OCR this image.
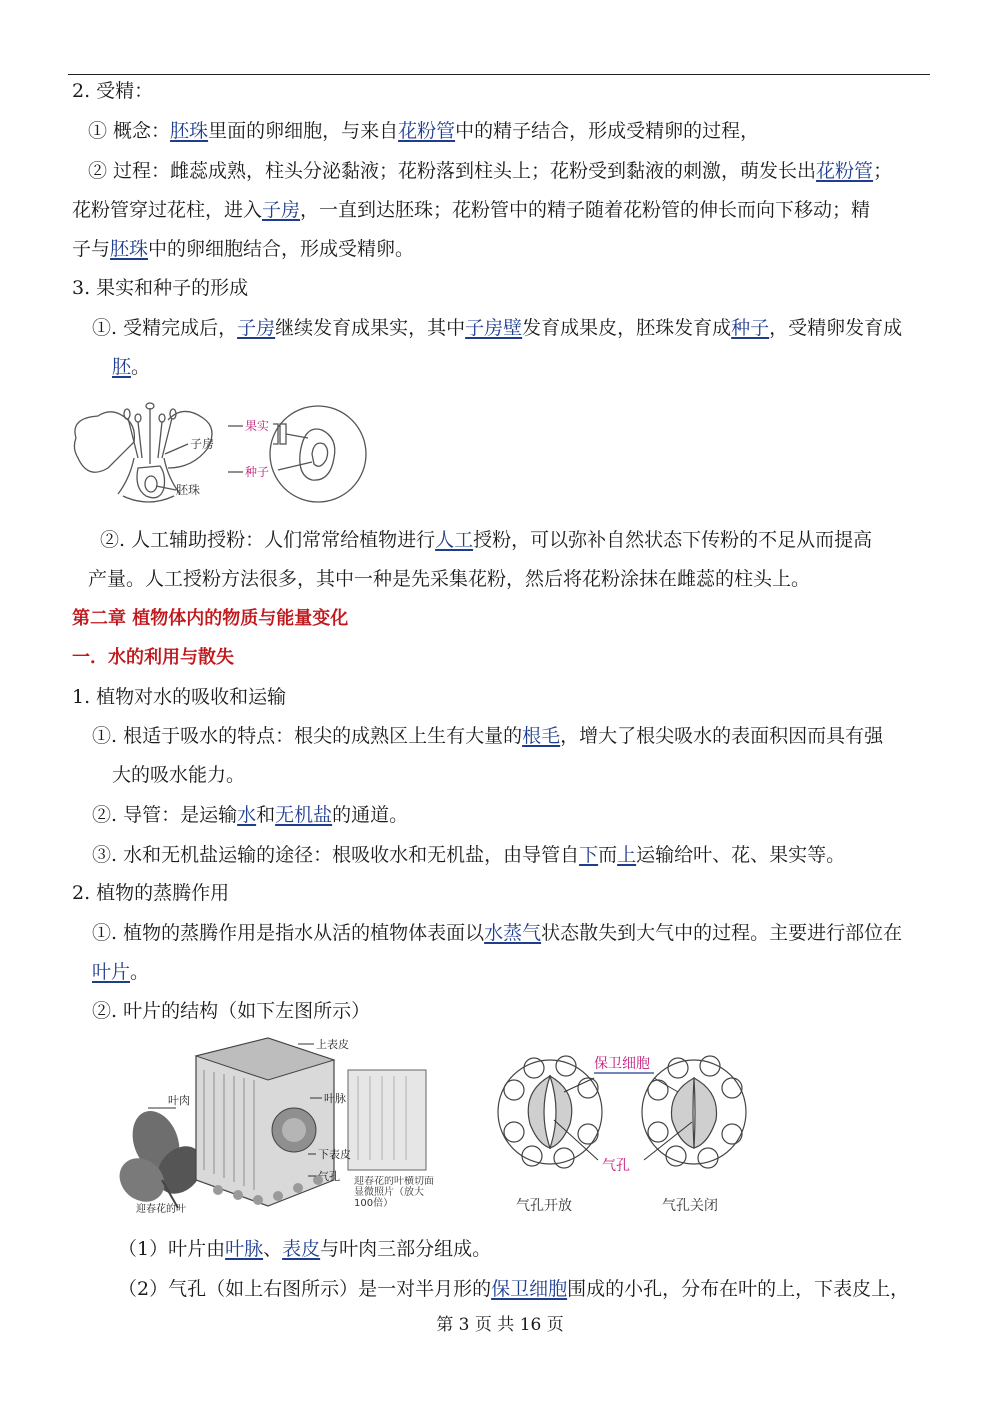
2. 受精：
① 概念：胚珠里面的卵细胞，与来自花粉管中的精子结合，形成受精卵的过程，
② 过程：雌蕊成熟，柱头分泌黏液；花粉落到柱头上；花粉受到黏液的刺激，萌发长出花粉管；
花粉管穿过花柱，进入子房，一直到达胚珠；花粉管中的精子随着花粉管的伸长而向下移动；精
子与胚珠中的卵细胞结合，形成受精卵。
3. 果实和种子的形成
①. 受精完成后，子房继续发育成果实，其中子房壁发育成果皮，胚珠发育成种子，受精卵发育成
胚。
子房
胚珠
果实
种子
②. 人工辅助授粉：人们常常给植物进行人工授粉，可以弥补自然状态下传粉的不足从而提高
产量。人工授粉方法很多，其中一种是先采集花粉，然后将花粉涂抹在雌蕊的柱头上。
第二章 植物体内的物质与能量变化
一．水的利用与散失
1. 植物对水的吸收和运输
①. 根适于吸水的特点：根尖的成熟区上生有大量的根毛，增大了根尖吸水的表面积因而具有强
大的吸水能力。
②. 导管：是运输水和无机盐的通道。
③. 水和无机盐运输的途径：根吸收水和无机盐，由导管自下而上运输给叶、花、果实等。
2. 植物的蒸腾作用
①. 植物的蒸腾作用是指水从活的植物体表面以水蒸气状态散失到大气中的过程。主要进行部位在
叶片。
②. 叶片的结构（如下左图所示）
上表皮
叶脉
下表皮
气孔
叶肉
迎春花的叶
迎春花的叶横切面显微照片（放大100倍）
保卫细胞
气孔
气孔开放	气孔关闭
（1）叶片由叶脉、表皮与叶肉三部分组成。
（2）气孔（如上右图所示）是一对半月形的保卫细胞围成的小孔，分布在叶的上，下表皮上，
第 3 页 共 16 页
